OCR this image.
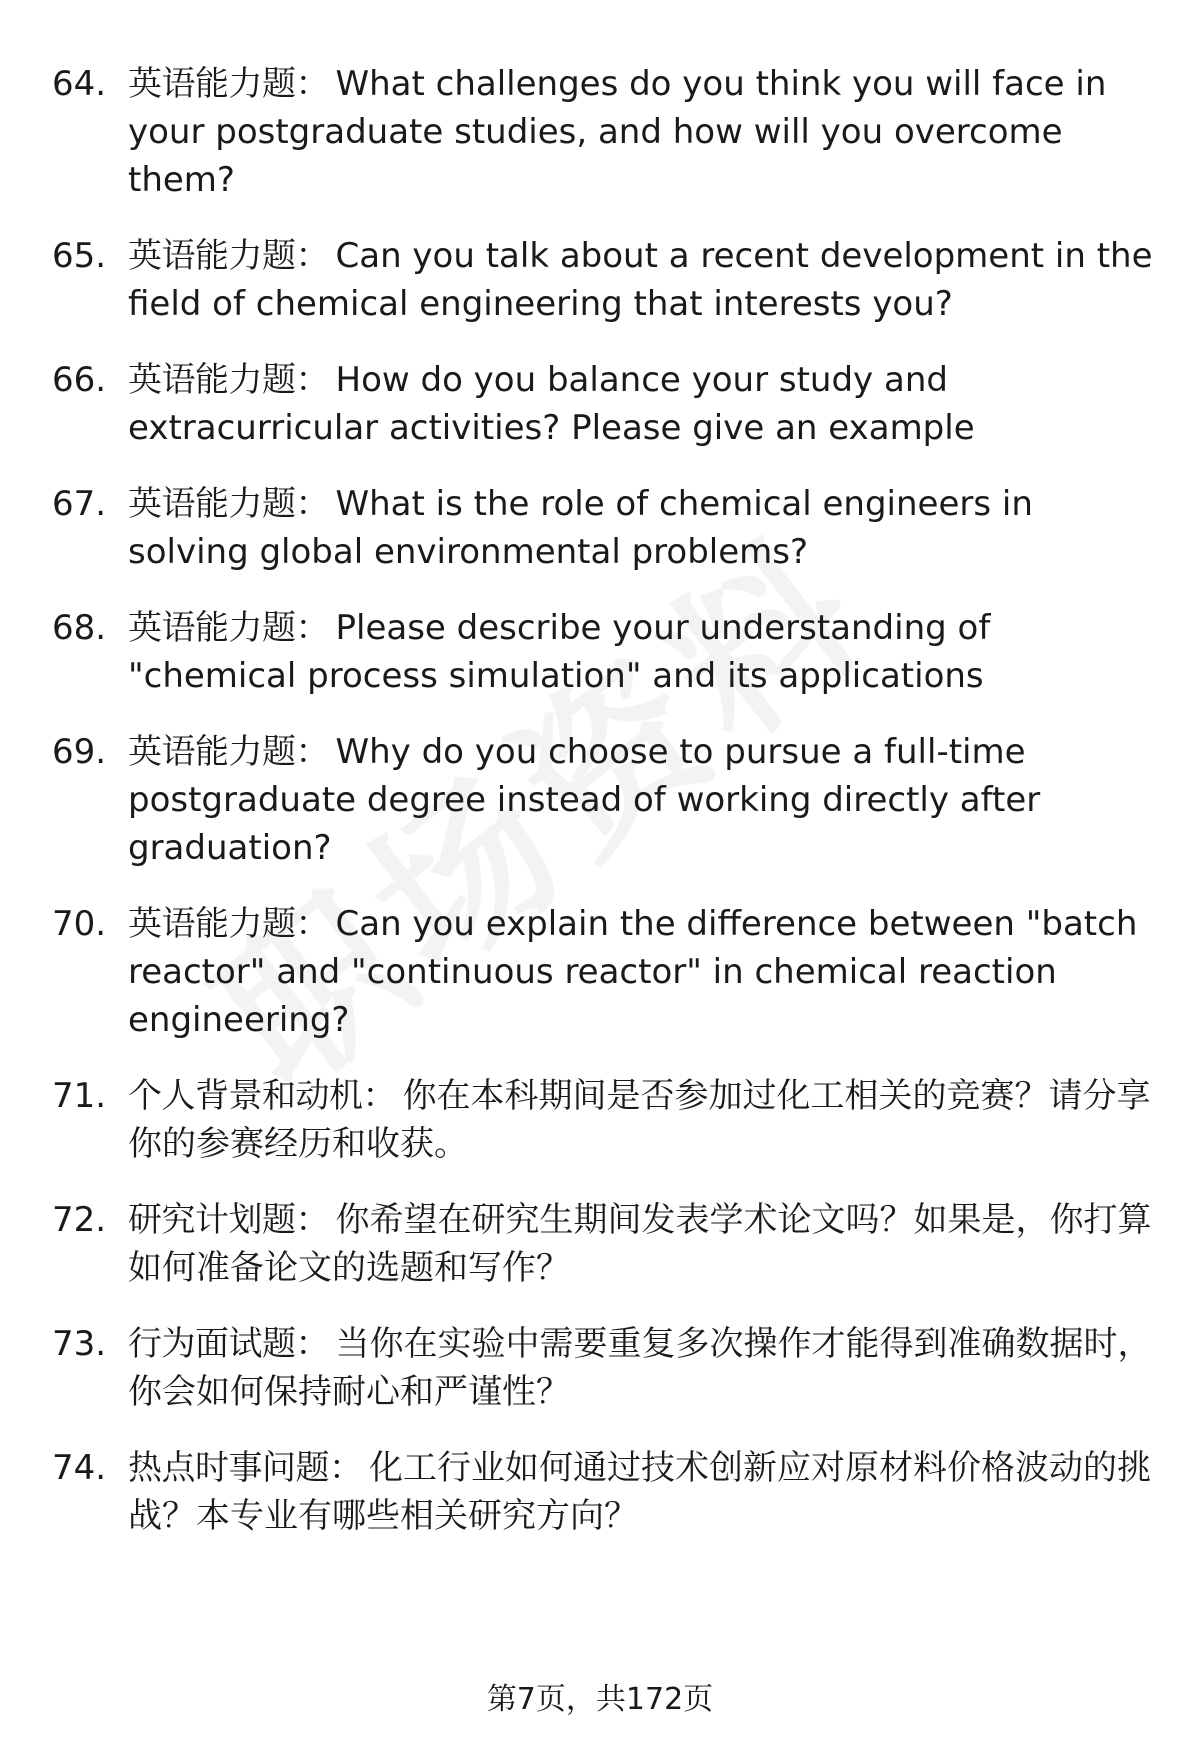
64. 英语能力题： What challenges do you think you will face in your postgraduate studies, and how will you overcome them?
65. 英语能力题： Can you talk about a recent development in the field of chemical engineering that interests you?
66. 英语能力题： How do you balance your study and extracurricular activities? Please give an example
67. 英语能力题： What is the role of chemical engineers in solving global environmental problems?
68. 英语能力题： Please describe your understanding of "chemical process simulation" and its applications
69. 英语能力题： Why do you choose to pursue a full-time postgraduate degree instead of working directly after graduation?
70. 英语能力题： Can you explain the difference between "batch reactor" and "continuous reactor" in chemical reaction engineering?
71. 个人背景和动机： 你在本科期间是否参加过化工相关的竞赛？请分享你的参赛经历和收获。
72. 研究计划题： 你希望在研究生期间发表学术论文吗？如果是，你打算如何准备论文的选题和写作？
73. 行为面试题： 当你在实验中需要重复多次操作才能得到准确数据时，你会如何保持耐心和严谨性？
74. 热点时事问题： 化工行业如何通过技术创新应对原材料价格波动的挑战？本专业有哪些相关研究方向？
第7页，共172页
